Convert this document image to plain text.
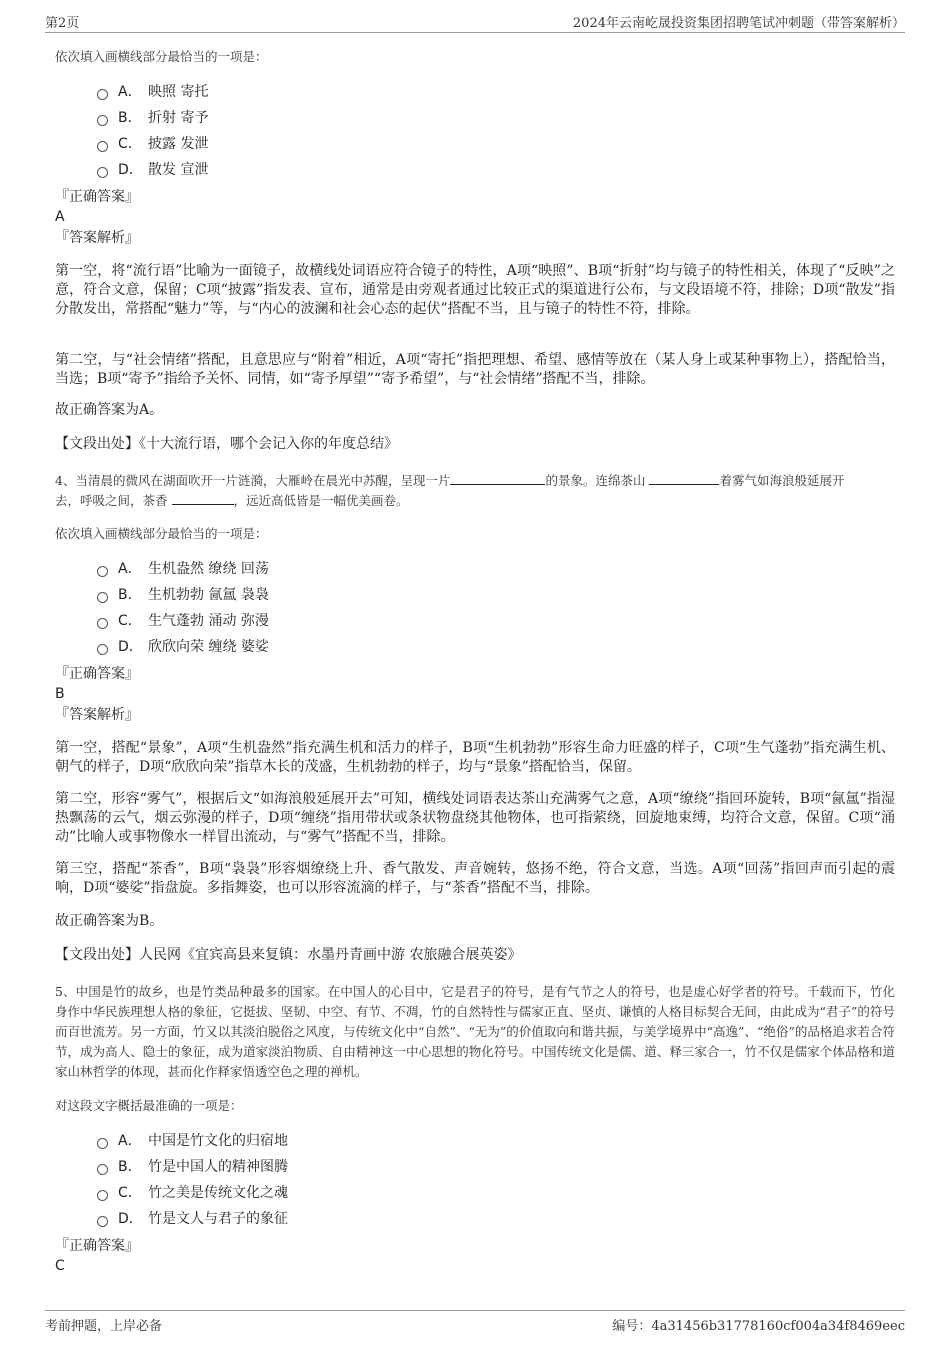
第2页	2024年云南屹晟投资集团招聘笔试冲刺题（带答案解析）
依次填入画横线部分最恰当的一项是：
A． 映照 寄托
B． 折射 寄予
C． 披露 发泄
D． 散发 宣泄
『正确答案』
A
『答案解析』
第一空，将“流行语”比喻为一面镜子，故横线处词语应符合镜子的特性，A项“映照”、B项“折射”均与镜子的特性相关，体现了“反映”之意，符合文意，保留；C项“披露”指发表、宣布，通常是由旁观者通过比较正式的渠道进行公布，与文段语境不符，排除；D项“散发”指分散发出，常搭配“魅力”等，与“内心的波澜和社会心态的起伏”搭配不当，且与镜子的特性不符，排除。
第二空，与“社会情绪”搭配，且意思应与“附着”相近，A项“寄托”指把理想、希望、感情等放在（某人身上或某种事物上），搭配恰当，当选；B项“寄予”指给予关怀、同情，如“寄予厚望”“寄予希望”，与“社会情绪”搭配不当，排除。
故正确答案为A。
【文段出处】《十大流行语，哪个会记入你的年度总结》
4、当清晨的微风在湖面吹开一片涟漪，大雁岭在晨光中苏醒，呈现一片	的景象。连绵茶山	着雾气如海浪般延展开
去，呼吸之间，茶香	，远近高低皆是一幅优美画卷。
依次填入画横线部分最恰当的一项是：
A． 生机盎然 缭绕 回荡
B． 生机勃勃 氤氲 袅袅
C． 生气蓬勃 涌动 弥漫
D． 欣欣向荣 缠绕 婆娑
『正确答案』
B
『答案解析』
第一空，搭配“景象”，A项“生机盎然”指充满生机和活力的样子，B项“生机勃勃”形容生命力旺盛的样子，C项“生气蓬勃”指充满生机、朝气的样子，D项“欣欣向荣”指草木长的茂盛，生机勃勃的样子，均与“景象”搭配恰当，保留。
第二空，形容“雾气”，根据后文“如海浪般延展开去”可知，横线处词语表达茶山充满雾气之意，A项“缭绕”指回环旋转，B项“氤氲”指湿热飘荡的云气，烟云弥漫的样子，D项“缠绕”指用带状或条状物盘绕其他物体，也可指萦绕，回旋地束缚，均符合文意，保留。C项“涌动”比喻人或事物像水一样冒出流动，与“雾气”搭配不当，排除。
第三空，搭配“茶香”，B项“袅袅”形容烟缭绕上升、香气散发、声音婉转，悠扬不绝，符合文意，当选。A项“回荡”指回声而引起的震响，D项“婆娑”指盘旋。多指舞姿，也可以形容流滴的样子，与“茶香”搭配不当，排除。
故正确答案为B。
【文段出处】人民网《宜宾高县来复镇：水墨丹青画中游 农旅融合展英姿》
5、中国是竹的故乡，也是竹类品种最多的国家。在中国人的心目中，它是君子的符号，是有气节之人的符号，也是虚心好学者的符号。千载而下，竹化身作中华民族理想人格的象征，它挺拔、坚韧、中空、有节、不凋，竹的自然特性与儒家正直、坚贞、谦慎的人格目标契合无间，由此成为“君子”的符号而百世流芳。另一方面，竹又以其淡泊脱俗之风度，与传统文化中“自然”、“无为”的价值取向和谐共振，与美学境界中“高逸”、“绝俗”的品格追求若合符节，成为高人、隐士的象征，成为道家淡泊物质、自由精神这一中心思想的物化符号。中国传统文化是儒、道、释三家合一，竹不仅是儒家个体品格和道家山林哲学的体现，甚而化作释家悟透空色之理的禅机。
对这段文字概括最准确的一项是：
A． 中国是竹文化的归宿地
B． 竹是中国人的精神图腾
C． 竹之美是传统文化之魂
D． 竹是文人与君子的象征
『正确答案』
C
考前押题，上岸必备	编号：4a31456b31778160cf004a34f8469eec
